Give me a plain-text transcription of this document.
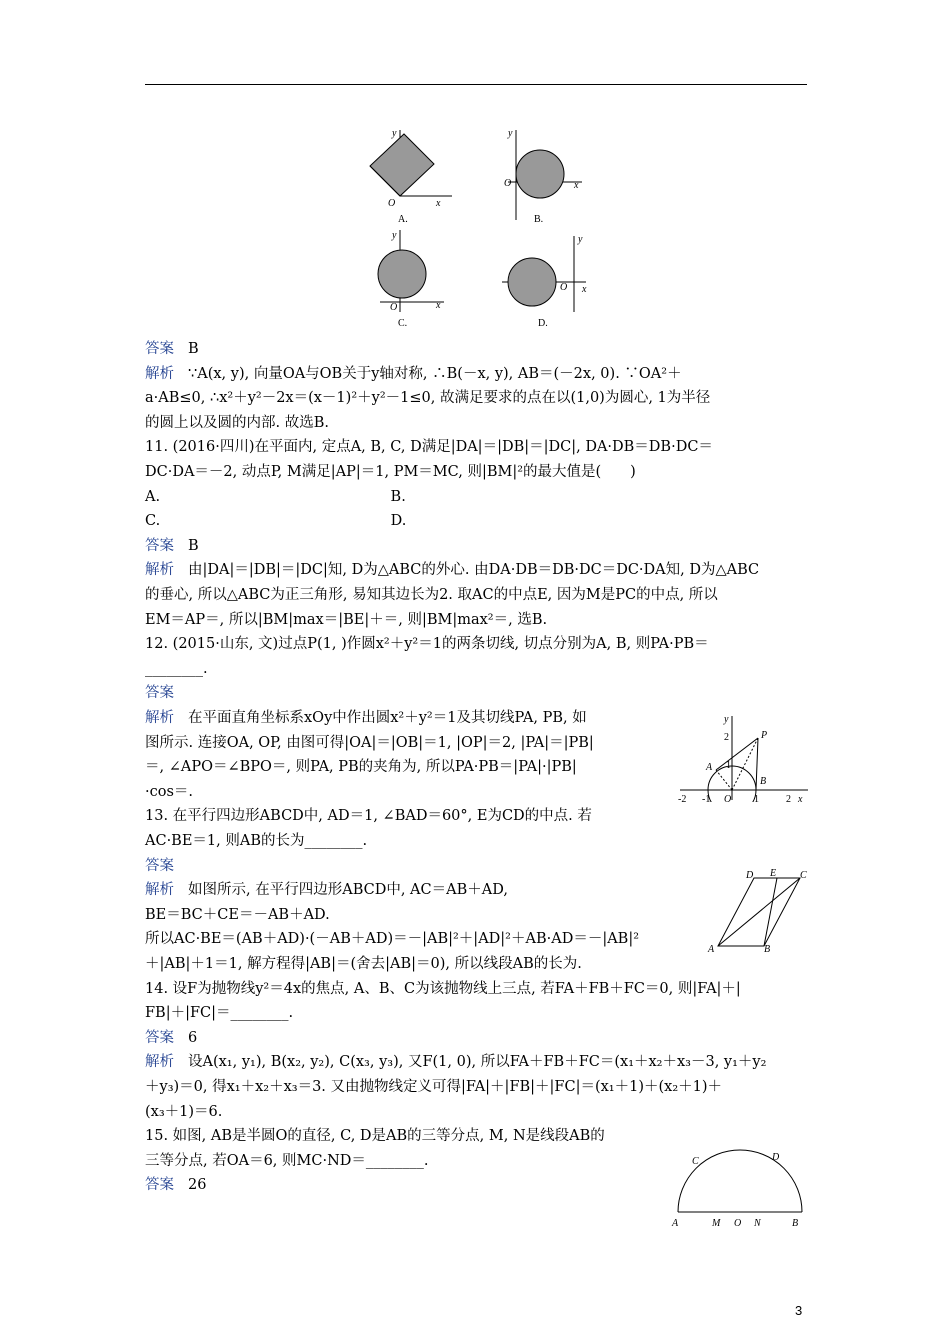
y
O	x
A.
y
O	x
B.
y
O	x
C.
y
O x
D.
答案 B
解析 ∵A(x, y), 向量OA与OB关于y轴对称, ∴B(－x, y), AB＝(－2x, 0). ∵OA²＋
a·AB≤0, ∴x²＋y²－2x＝(x－1)²＋y²－1≤0, 故满足要求的点在以(1,0)为圆心, 1为半径
的圆上以及圆的内部. 故选B.
11. (2016·四川)在平面内, 定点A, B, C, D满足|DA|＝|DB|＝|DC|, DA·DB＝DB·DC＝
DC·DA＝－2, 动点P, M满足|AP|＝1, PM＝MC, 则|BM|²的最大值是(　　)
A.                                                  B.
C.                                                  D.
答案 B
解析 由|DA|＝|DB|＝|DC|知, D为△ABC的外心. 由DA·DB＝DB·DC＝DC·DA知, D为△ABC
的垂心, 所以△ABC为正三角形, 易知其边长为2. 取AC的中点E, 因为M是PC的中点, 所以
EM＝AP＝, 所以|BM|max＝|BE|＋＝, 则|BM|max²＝, 选B.
12. (2015·山东, 文)过点P(1, )作圆x²＋y²＝1的两条切线, 切点分别为A, B, 则PA·PB＝
________.
答案
解析 在平面直角坐标系xOy中作出圆x²＋y²＝1及其切线PA, PB, 如
图所示. 连接OA, OP, 由图可得|OA|＝|OB|＝1, |OP|＝2, |PA|＝|PB|
＝, ∠APO＝∠BPO＝, 则PA, PB的夹角为, 所以PA·PB＝|PA|·|PB|
·cos＝.
13. 在平行四边形ABCD中, AD＝1, ∠BAD＝60°, E为CD的中点. 若
AC·BE＝1, 则AB的长为________.
答案
解析 如图所示, 在平行四边形ABCD中, AC＝AB＋AD,
BE＝BC＋CE＝－AB＋AD.
所以AC·BE＝(AB＋AD)·(－AB＋AD)＝－|AB|²＋|AD|²＋AB·AD＝－|AB|²
＋|AB|＋1＝1, 解方程得|AB|＝(舍去|AB|＝0), 所以线段AB的长为.
14. 设F为抛物线y²＝4x的焦点, A、B、C为该抛物线上三点, 若FA＋FB＋FC＝0, 则|FA|＋|
FB|＋|FC|＝________.
答案 6
解析 设A(x₁, y₁), B(x₂, y₂), C(x₃, y₃), 又F(1, 0), 所以FA＋FB＋FC＝(x₁＋x₂＋x₃－3, y₁＋y₂
＋y₃)＝0, 得x₁＋x₂＋x₃＝3. 又由抛物线定义可得|FA|＋|FB|＋|FC|＝(x₁＋1)＋(x₂＋1)＋
(x₃＋1)＝6.
15. 如图, AB是半圆O的直径, C, D是AB的三等分点, M, N是线段AB的
三等分点, 若OA＝6, 则MC·ND＝________.
答案 26
y
2	P
A 1
B
-2 -1 O 1	2 x
D E C
A	B
C	D
A	M O N	B
3
